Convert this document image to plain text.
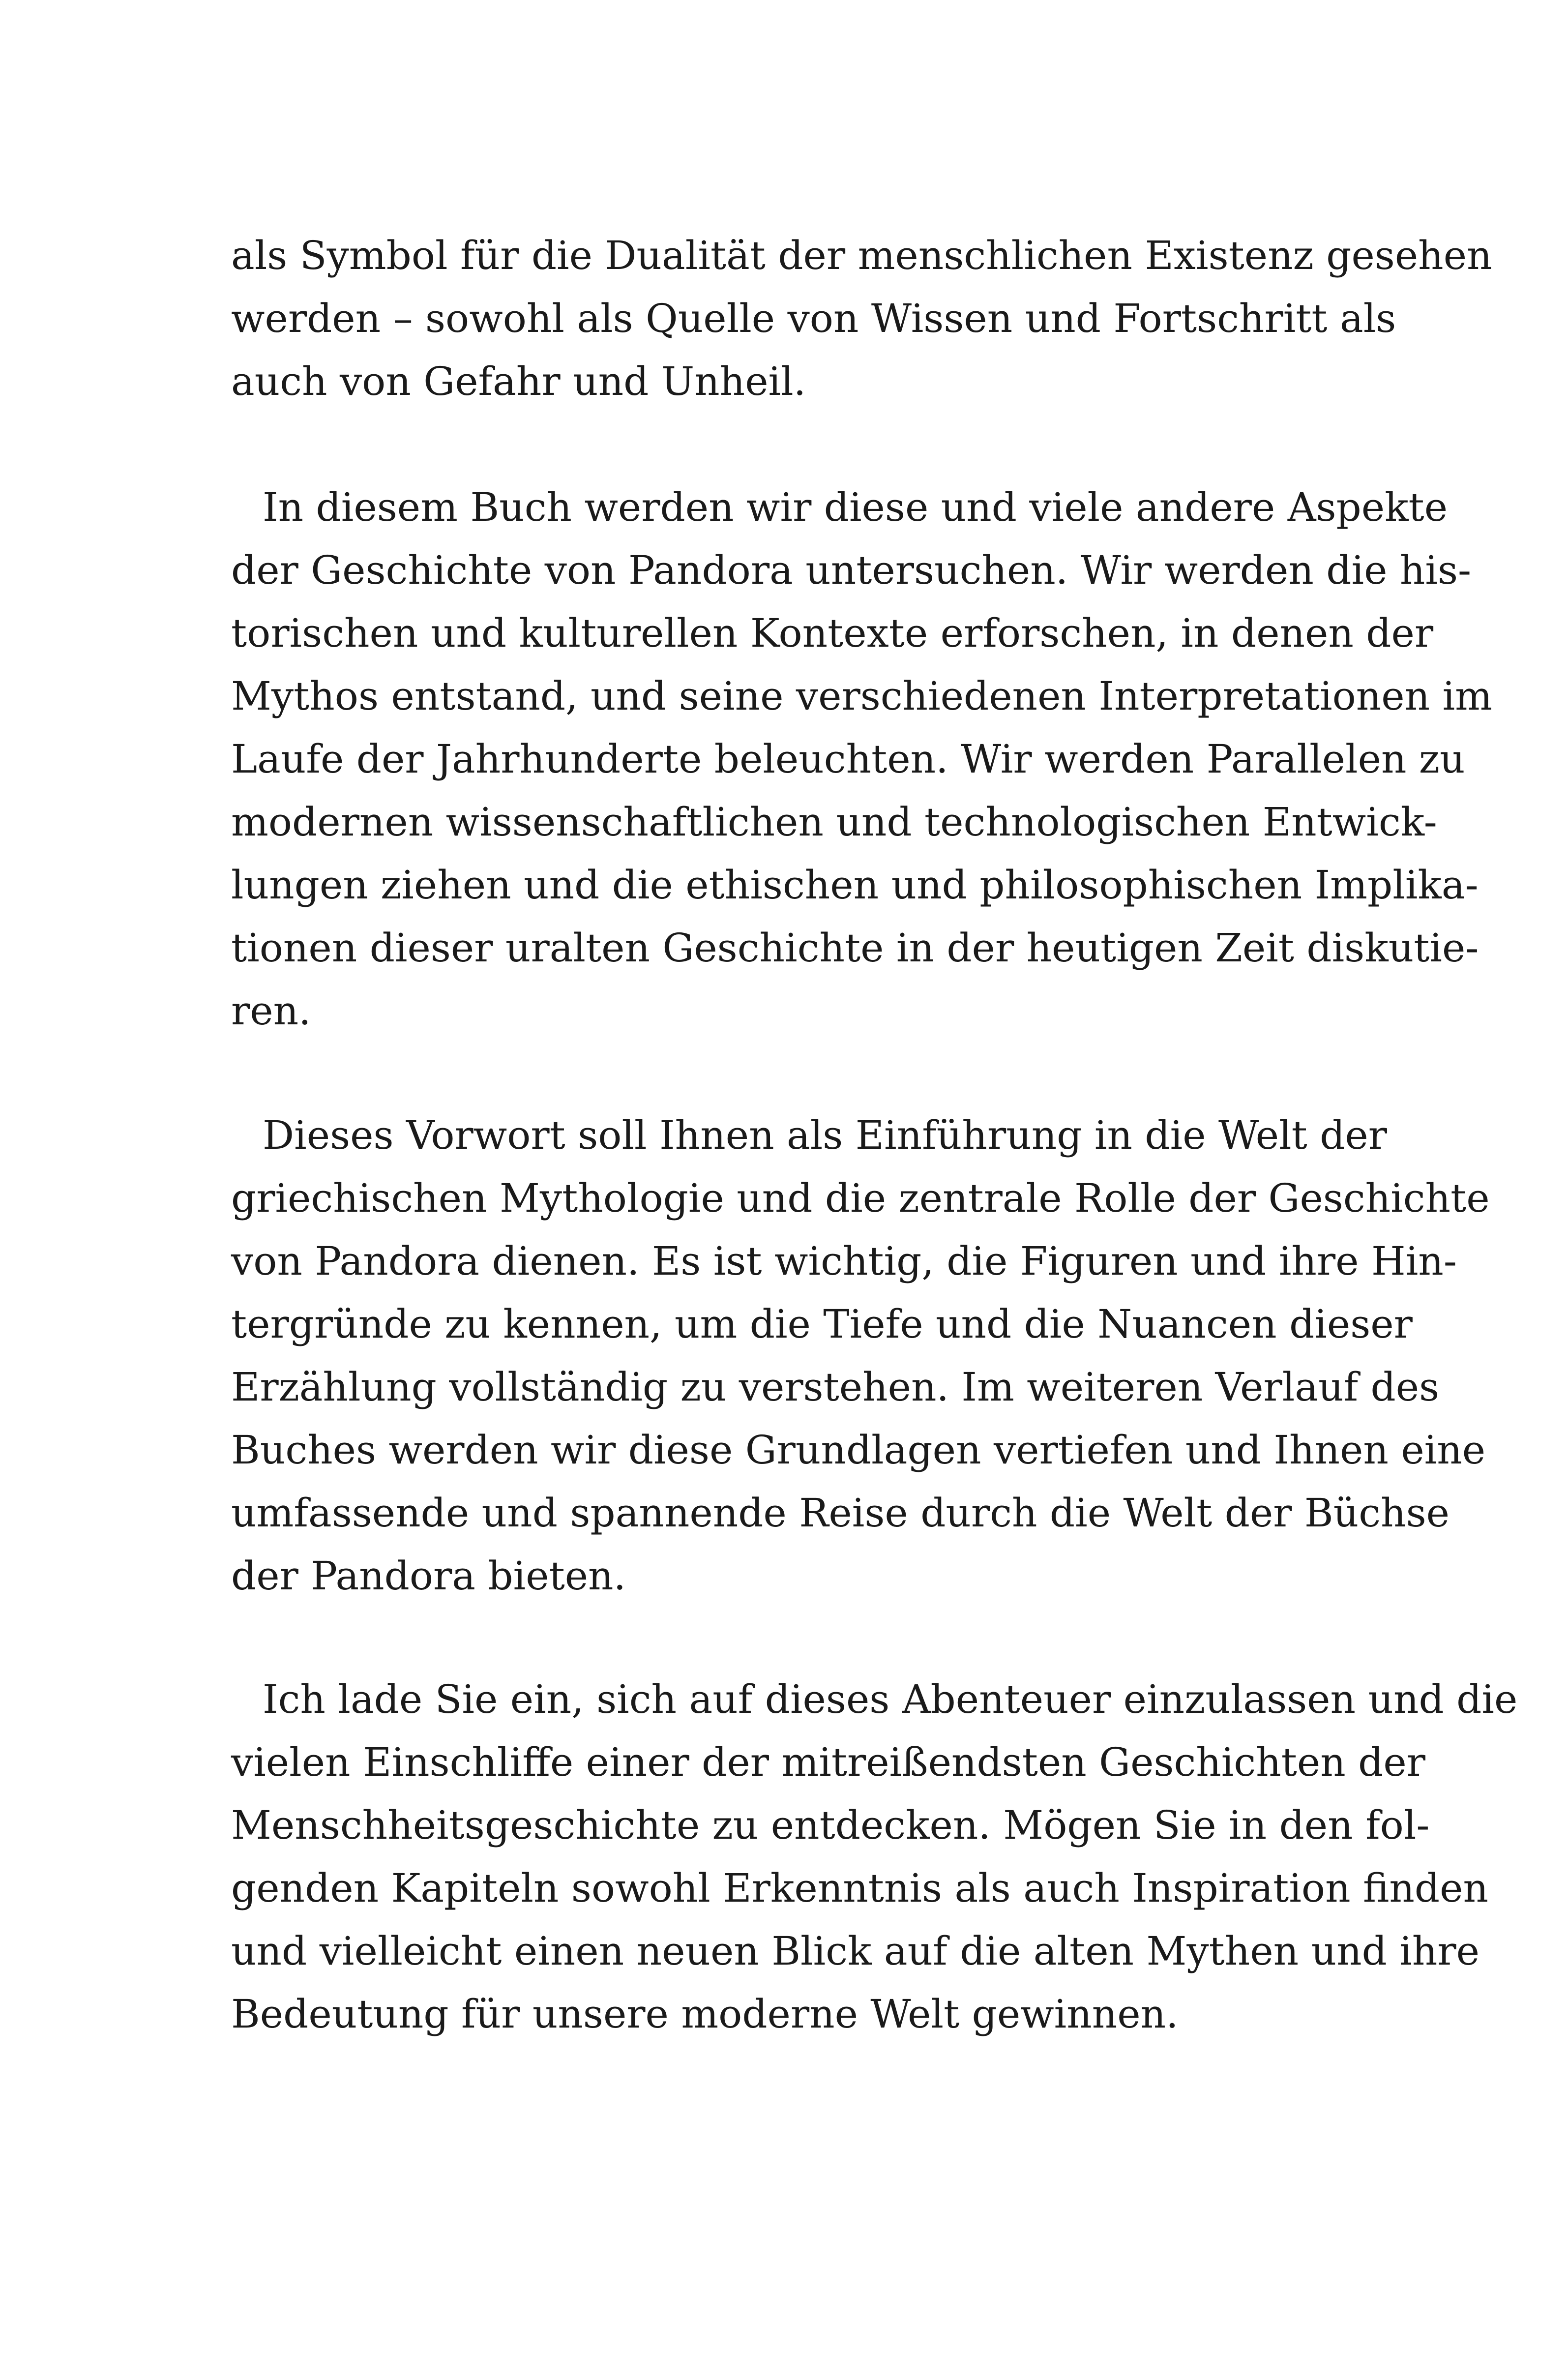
als Symbol für die Dualität der menschlichen Existenz gesehen
werden – sowohl als Quelle von Wissen und Fortschritt als
auch von Gefahr und Unheil.
In diesem Buch werden wir diese und viele andere Aspekte
der Geschichte von Pandora untersuchen. Wir werden die his-
torischen und kulturellen Kontexte erforschen, in denen der
Mythos entstand, und seine verschiedenen Interpretationen im
Laufe der Jahrhunderte beleuchten. Wir werden Parallelen zu
modernen wissenschaftlichen und technologischen Entwick-
lungen ziehen und die ethischen und philosophischen Implika-
tionen dieser uralten Geschichte in der heutigen Zeit diskutie-
ren.
Dieses Vorwort soll Ihnen als Einführung in die Welt der
griechischen Mythologie und die zentrale Rolle der Geschichte
von Pandora dienen. Es ist wichtig, die Figuren und ihre Hin-
tergründe zu kennen, um die Tiefe und die Nuancen dieser
Erzählung vollständig zu verstehen. Im weiteren Verlauf des
Buches werden wir diese Grundlagen vertiefen und Ihnen eine
umfassende und spannende Reise durch die Welt der Büchse
der Pandora bieten.
Ich lade Sie ein, sich auf dieses Abenteuer einzulassen und die
vielen Einschliffe einer der mitreißendsten Geschichten der
Menschheitsgeschichte zu entdecken. Mögen Sie in den fol-
genden Kapiteln sowohl Erkenntnis als auch Inspiration finden
und vielleicht einen neuen Blick auf die alten Mythen und ihre
Bedeutung für unsere moderne Welt gewinnen.
